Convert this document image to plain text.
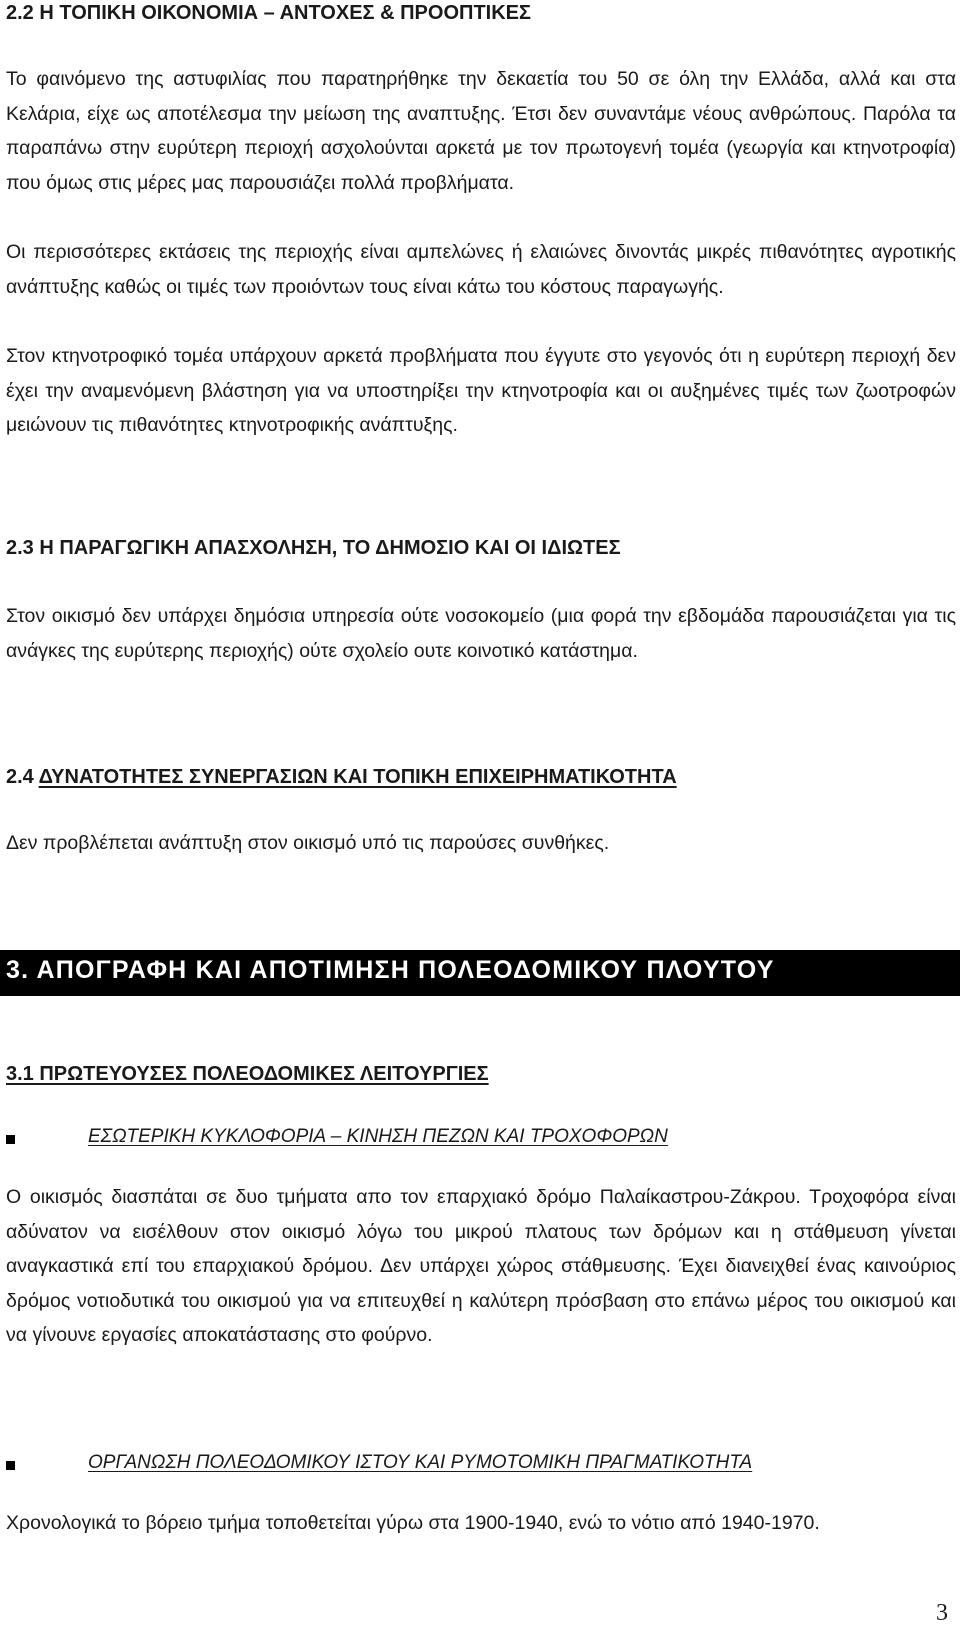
2.2 Η ΤΟΠΙΚΗ ΟΙΚΟΝΟΜΙΑ – ΑΝΤΟΧΕΣ & ΠΡΟΟΠΤΙΚΕΣ

Το φαινόμενο της αστυφιλίας που παρατηρήθηκε την δεκαετία του 50 σε όλη την Ελλάδα, αλλά και στα Κελάρια, είχε ως αποτέλεσμα την μείωση της αναπτυξης. Έτσι δεν συναντάμε νέους ανθρώπους. Παρόλα τα παραπάνω στην ευρύτερη περιοχή ασχολούνται αρκετά με τον πρωτογενή τομέα (γεωργία και κτηνοτροφία) που όμως στις μέρες μας παρουσιάζει πολλά προβλήματα.

Οι περισσότερες εκτάσεις της περιοχής είναι αμπελώνες ή ελαιώνες δινοντάς μικρές πιθανότητες αγροτικής ανάπτυξης καθώς οι τιμές των προιόντων τους είναι κάτω του κόστους παραγωγής.

Στον κτηνοτροφικό τομέα υπάρχουν αρκετά προβλήματα που έγγυτε στο γεγονός ότι η ευρύτερη περιοχή δεν έχει την αναμενόμενη βλάστηση για να υποστηρίξει την κτηνοτροφία και οι αυξημένες τιμές των ζωοτροφών μειώνουν τις πιθανότητες κτηνοτροφικής ανάπτυξης.

2.3 Η ΠΑΡΑΓΩΓΙΚΗ ΑΠΑΣΧΟΛΗΣΗ, ΤΟ ΔΗΜΟΣΙΟ ΚΑΙ ΟΙ ΙΔΙΩΤΕΣ

Στον οικισμό δεν υπάρχει δημόσια υπηρεσία ούτε νοσοκομείο (μια φορά την εβδομάδα παρουσιάζεται για τις ανάγκες της ευρύτερης περιοχής) ούτε σχολείο ουτε κοινοτικό κατάστημα.

2.4 ΔΥΝΑΤΟΤΗΤΕΣ ΣΥΝΕΡΓΑΣΙΩΝ ΚΑΙ ΤΟΠΙΚΗ ΕΠΙΧΕΙΡΗΜΑΤΙΚΟΤΗΤΑ

Δεν προβλέπεται ανάπτυξη στον οικισμό υπό τις παρούσες συνθήκες.

3. ΑΠΟΓΡΑΦΗ ΚΑΙ ΑΠΟΤΙΜΗΣΗ ΠΟΛΕΟΔΟΜΙΚΟΥ ΠΛΟΥΤΟΥ
3.1 ΠΡΩΤΕΥΟΥΣΕΣ ΠΟΛΕΟΔΟΜΙΚΕΣ ΛΕΙΤΟΥΡΓΙΕΣ
ΕΣΩΤΕΡΙΚΗ ΚΥΚΛΟΦΟΡΙΑ – ΚΙΝΗΣΗ ΠΕΖΩΝ ΚΑΙ ΤΡΟΧΟΦΟΡΩΝ

Ο οικισμός διασπάται σε δυο τμήματα απο τον επαρχιακό δρόμο Παλαίκαστρου-Ζάκρου. Τροχοφόρα είναι αδύνατον να εισέλθουν στον οικισμό λόγω του μικρού πλατους των δρόμων και η στάθμευση γίνεται αναγκαστικά επί του επαρχιακού δρόμου. Δεν υπάρχει χώρος στάθμευσης. Έχει διανειχθεί ένας καινούριος δρόμος νοτιοδυτικά του οικισμού για να επιτευχθεί η καλύτερη πρόσβαση στο επάνω μέρος του οικισμού και να γίνουνε εργασίες αποκατάστασης στο φούρνο.

ΟΡΓΑΝΩΣΗ ΠΟΛΕΟΔΟΜΙΚΟΥ ΙΣΤΟΥ ΚΑΙ ΡΥΜΟΤΟΜΙΚΗ ΠΡΑΓΜΑΤΙΚΟΤΗΤΑ

Χρονολογικά το βόρειο τμήμα τοποθετείται γύρω στα 1900-1940, ενώ το νότιο από 1940-1970.

3
